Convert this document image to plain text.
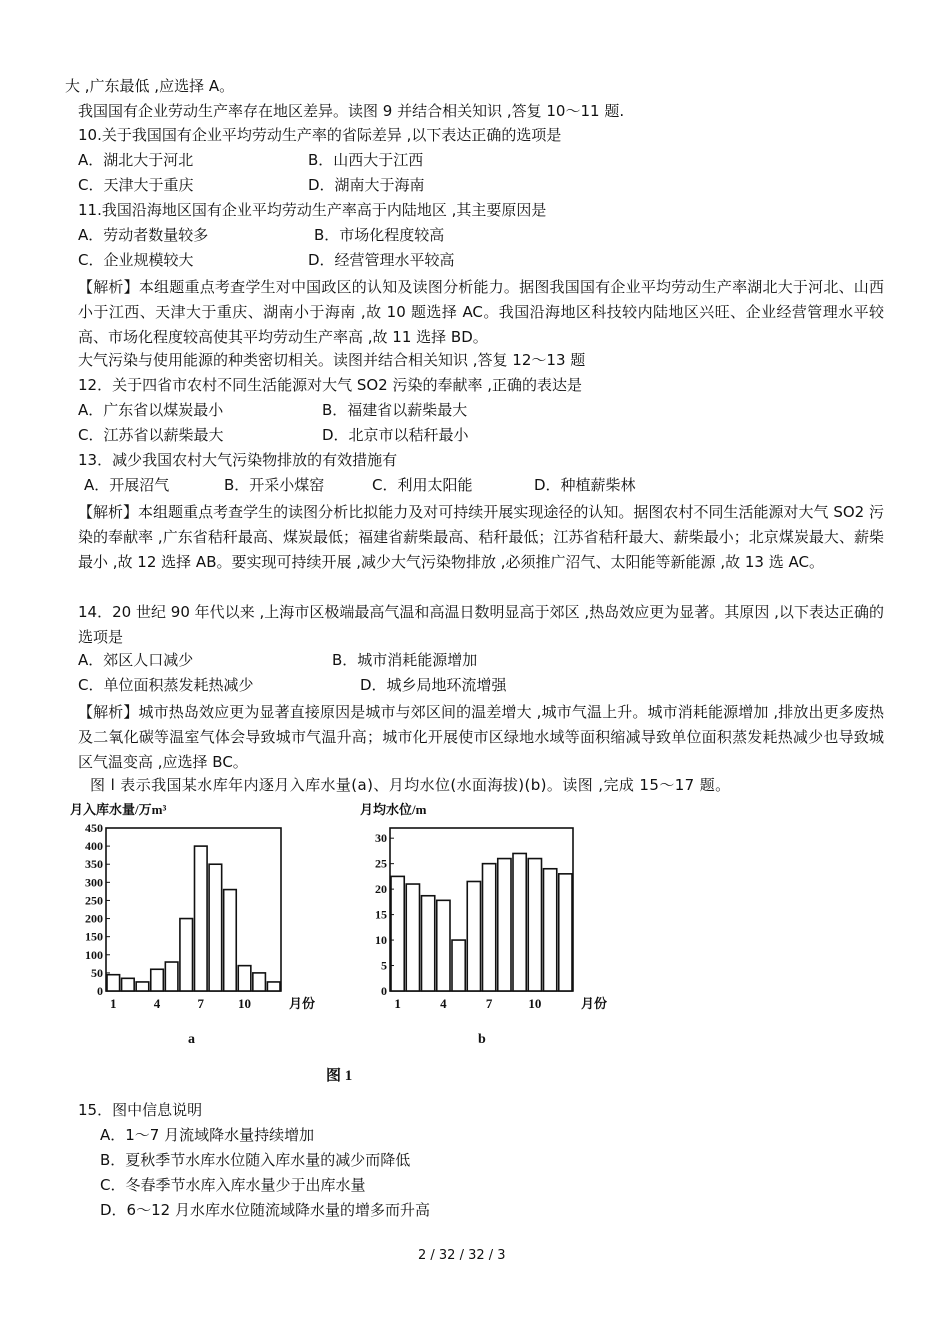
大 ,广东最低 ,应选择 A。
我国国有企业劳动生产率存在地区差异。读图 9 并结合相关知识 ,答复 10～11 题.
10.关于我国国有企业平均劳动生产率的省际差异 ,以下表达正确的选项是
A．湖北大于河北	B．山西大于江西
C．天津大于重庆	D．湖南大于海南
11.我国沿海地区国有企业平均劳动生产率高于内陆地区 ,其主要原因是
A．劳动者数量较多	B．市场化程度较高
C．企业规模较大	D．经营管理水平较高
【解析】本组题重点考查学生对中国政区的认知及读图分析能力。据图我国国有企业平均劳动生产率湖北大于河北、山西小于江西、天津大于重庆、湖南小于海南 ,故 10 题选择 AC。我国沿海地区科技较内陆地区兴旺、企业经营管理水平较高、市场化程度较高使其平均劳动生产率高 ,故 11 选择 BD。
大气污染与使用能源的种类密切相关。读图并结合相关知识 ,答复 12～13 题
12．关于四省市农村不同生活能源对大气 SO2 污染的奉献率 ,正确的表达是
A．广东省以煤炭最小	B．福建省以薪柴最大
C．江苏省以薪柴最大	D．北京市以秸秆最小
13．减少我国农村大气污染物排放的有效措施有
A．开展沼气	B．开采小煤窑	C．利用太阳能	D．种植薪柴林
【解析】本组题重点考查学生的读图分析比拟能力及对可持续开展实现途径的认知。据图农村不同生活能源对大气 SO2 污染的奉献率 ,广东省秸秆最高、煤炭最低；福建省薪柴最高、秸秆最低；江苏省秸秆最大、薪柴最小；北京煤炭最大、薪柴最小 ,故 12 选择 AB。要实现可持续开展 ,减少大气污染物排放 ,必须推广沼气、太阳能等新能源 ,故 13 选 AC。
14．20 世纪 90 年代以来 ,上海市区极端最高气温和高温日数明显高于郊区 ,热岛效应更为显著。其原因 ,以下表达正确的选项是
A．郊区人口减少	B．城市消耗能源增加
C．单位面积蒸发耗热减少	D．城乡局地环流增强
【解析】城市热岛效应更为显著直接原因是城市与郊区间的温差增大 ,城市气温上升。城市消耗能源增加 ,排放出更多废热及二氧化碳等温室气体会导致城市气温升高；城市化开展使市区绿地水域等面积缩减导致单位面积蒸发耗热减少也导致城区气温变高 ,应选择 BC。
图 l 表示我国某水库年内逐月入库水量(a)、月均水位(水面海拔)(b)。读图 ,完成 15～17 题。
月入库水量/万m³
0
50
100
150
200
250
300
350
400
450
1	4	7	10	月份
月均水位/m
0
5
10
15
20
25
30
1	4	7	10	月份
a	b
图 1
15．图中信息说明
A．1～7 月流域降水量持续增加
B．夏秋季节水库水位随入库水量的减少而降低
C．冬春季节水库入库水量少于出库水量
D．6～12 月水库水位随流域降水量的增多而升高
2 / 32 / 32 / 3
